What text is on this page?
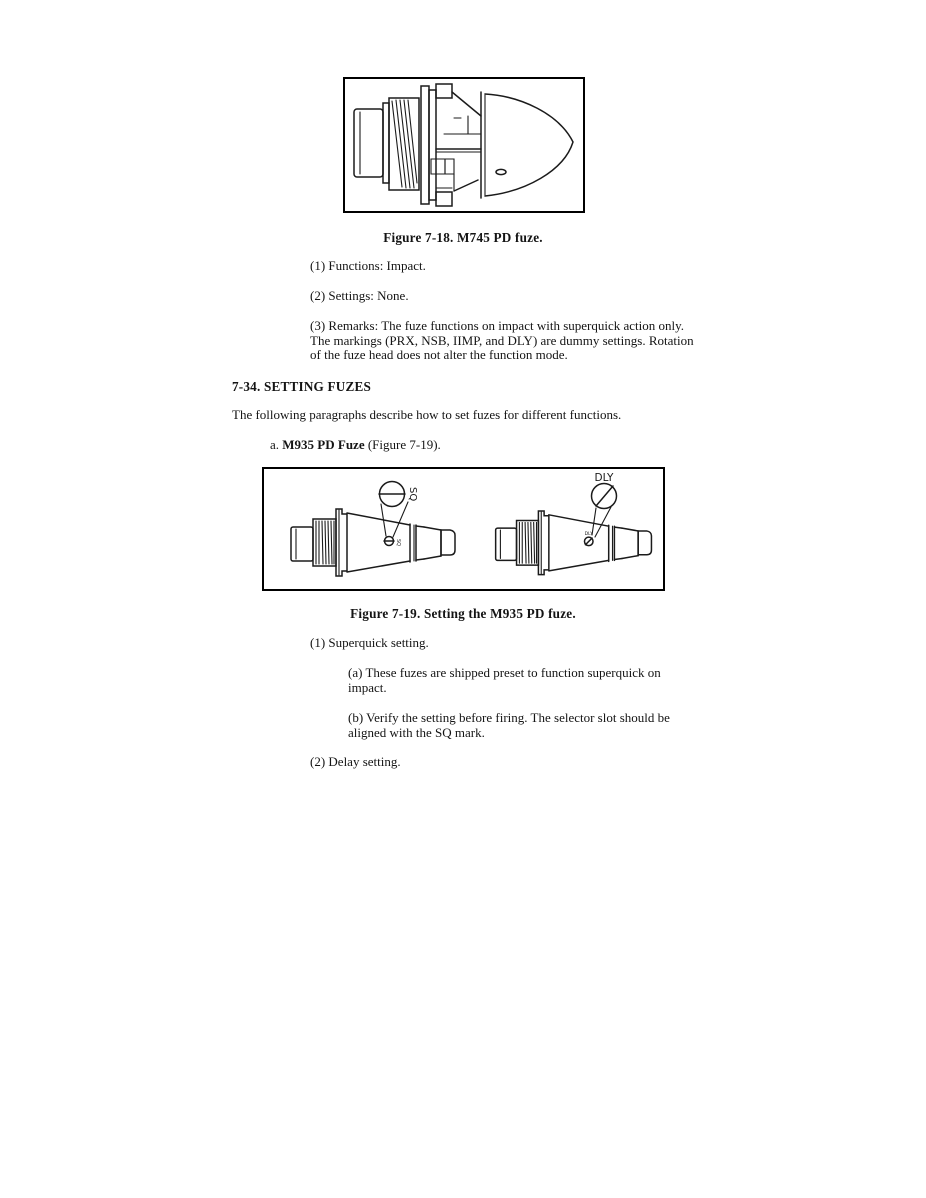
Figure 7-18. M745 PD fuze.
(1) Functions: Impact.
(2) Settings: None.
(3) Remarks: The fuze functions on impact with superquick action only.
The markings (PRX, NSB, IIMP, and DLY) are dummy settings. Rotation
of the fuze head does not alter the function mode.
7-34. SETTING FUZES
The following paragraphs describe how to set fuzes for different functions.
a. M935 PD Fuze (Figure 7-19).
SQ
SQ
DLY
DLY
Figure 7-19. Setting the M935 PD fuze.
(1) Superquick setting.
(a) These fuzes are shipped preset to function superquick on
impact.
(b) Verify the setting before firing. The selector slot should be
aligned with the SQ mark.
(2) Delay setting.
